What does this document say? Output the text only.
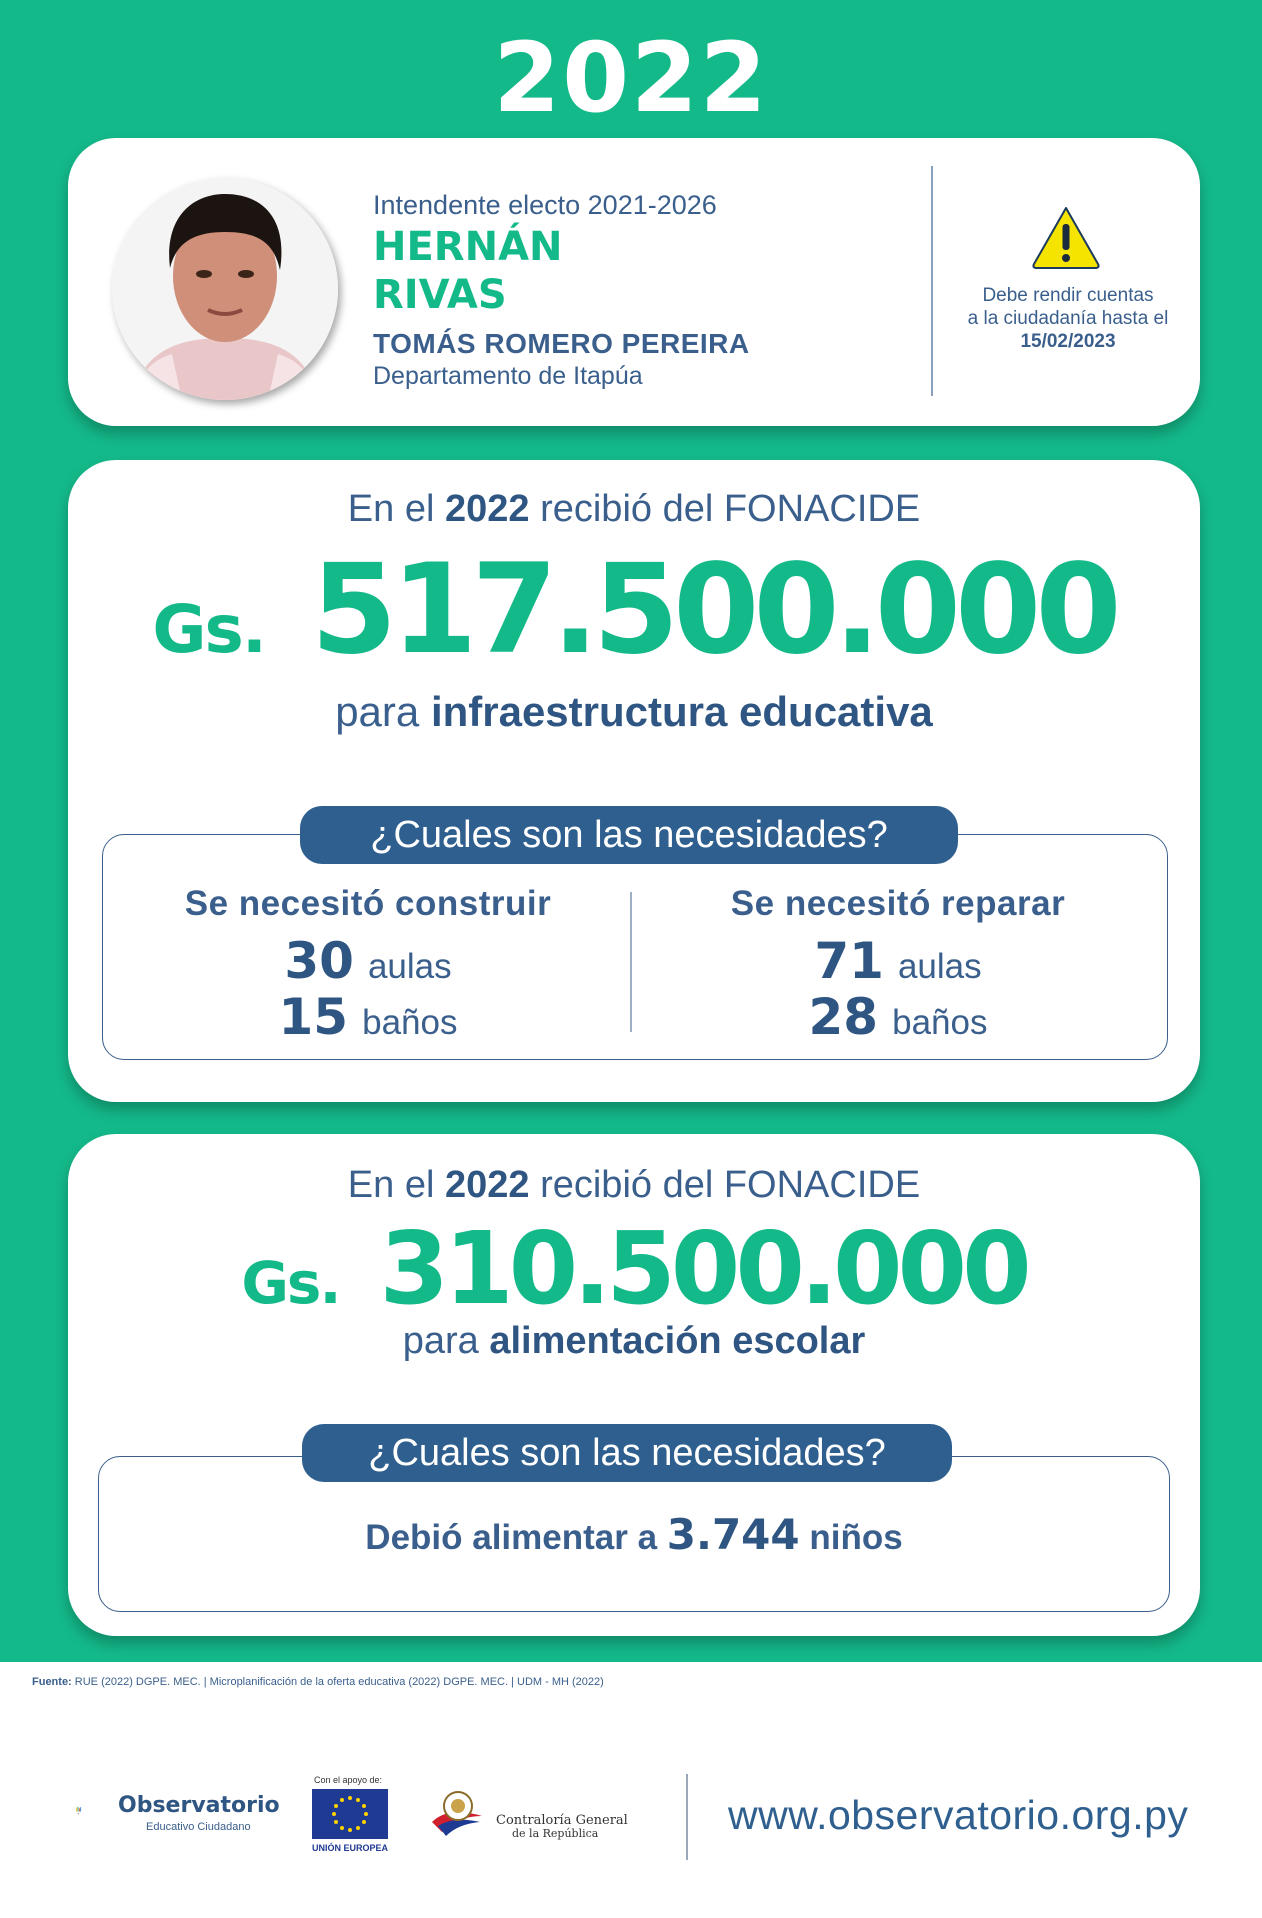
2022
Intendente electo 2021-2026
HERNÁN
RIVAS
TOMÁS ROMERO PEREIRA
Departamento de Itapúa
Debe rendir cuentas
a la ciudadanía hasta el
15/02/2023
En el 2022 recibió del FONACIDE
Gs. 517.500.000
para infraestructura educativa
¿Cuales son las necesidades?
Se necesitó construir
30 aulas
15 baños
Se necesitó reparar
71 aulas
28 baños
En el 2022 recibió del FONACIDE
Gs. 310.500.000
para alimentación escolar
¿Cuales son las necesidades?
Debió alimentar a 3.744 niños
Fuente: RUE (2022) DGPE. MEC. | Microplanificación de la oferta educativa (2022) DGPE. MEC. | UDM - MH (2022)
Observatorio
Educativo Ciudadano
Con el apoyo de:
UNIÓN EUROPEA
Contraloría General
de la República	www.observatorio.org.py
